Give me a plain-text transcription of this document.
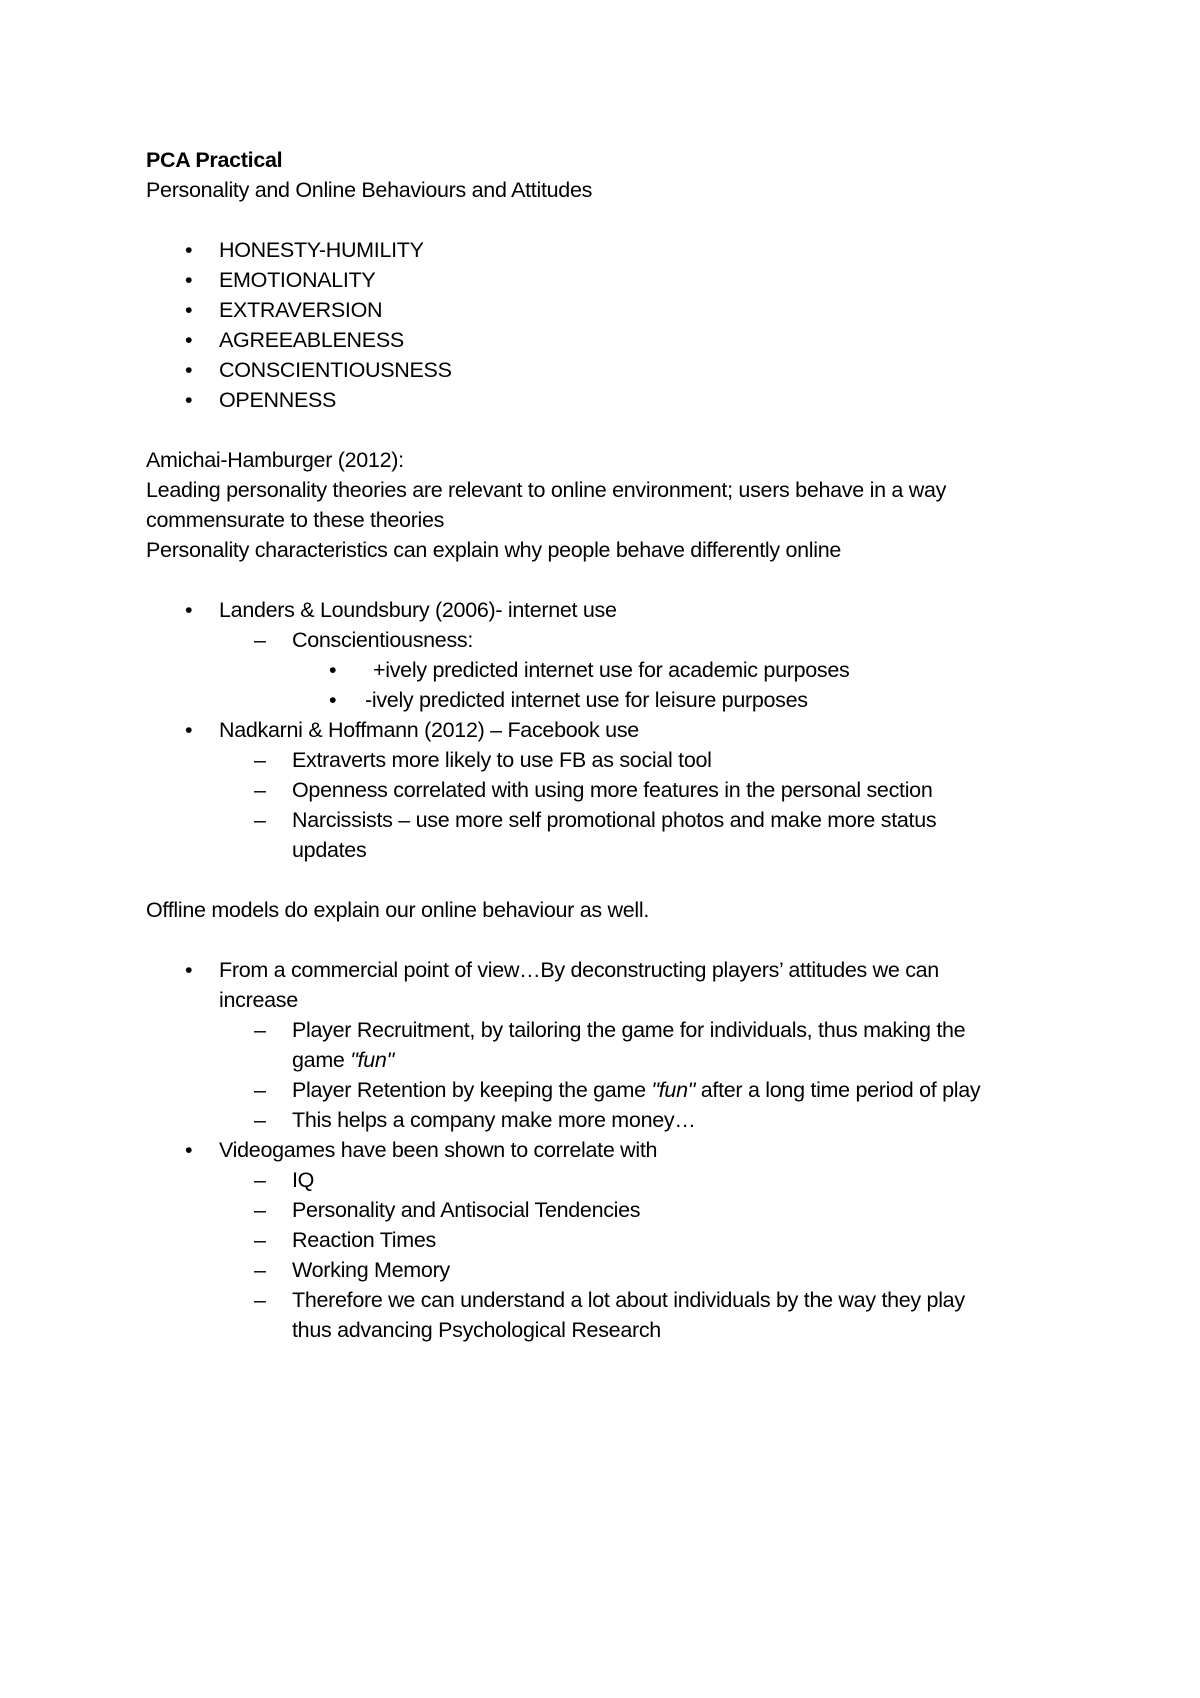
PCA Practical
Personality and Online Behaviours and Attitudes
•	HONESTY-HUMILITY
•	EMOTIONALITY
•	EXTRAVERSION
•	AGREEABLENESS
•	CONSCIENTIOUSNESS
•	OPENNESS
Amichai-Hamburger (2012):
Leading personality theories are relevant to online environment; users behave in a way
commensurate to these theories
Personality characteristics can explain why people behave differently online
•	Landers & Loundsbury (2006)- internet use
–	Conscientiousness:
•	+ively predicted internet use for academic purposes
•	-ively predicted internet use for leisure purposes
•	Nadkarni & Hoffmann (2012) – Facebook use
–	Extraverts more likely to use FB as social tool
–	Openness correlated with using more features in the personal section
–	Narcissists – use more self promotional photos and make more status
updates
Offline models do explain our online behaviour as well.
•	From a commercial point of view…By deconstructing players’ attitudes we can
increase
–	Player Recruitment, by tailoring the game for individuals, thus making the
game "fun"
–	Player Retention by keeping the game "fun" after a long time period of play
–	This helps a company make more money…
•	Videogames have been shown to correlate with
–	IQ
–	Personality and Antisocial Tendencies
–	Reaction Times
–	Working Memory
–	Therefore we can understand a lot about individuals by the way they play
thus advancing Psychological Research
